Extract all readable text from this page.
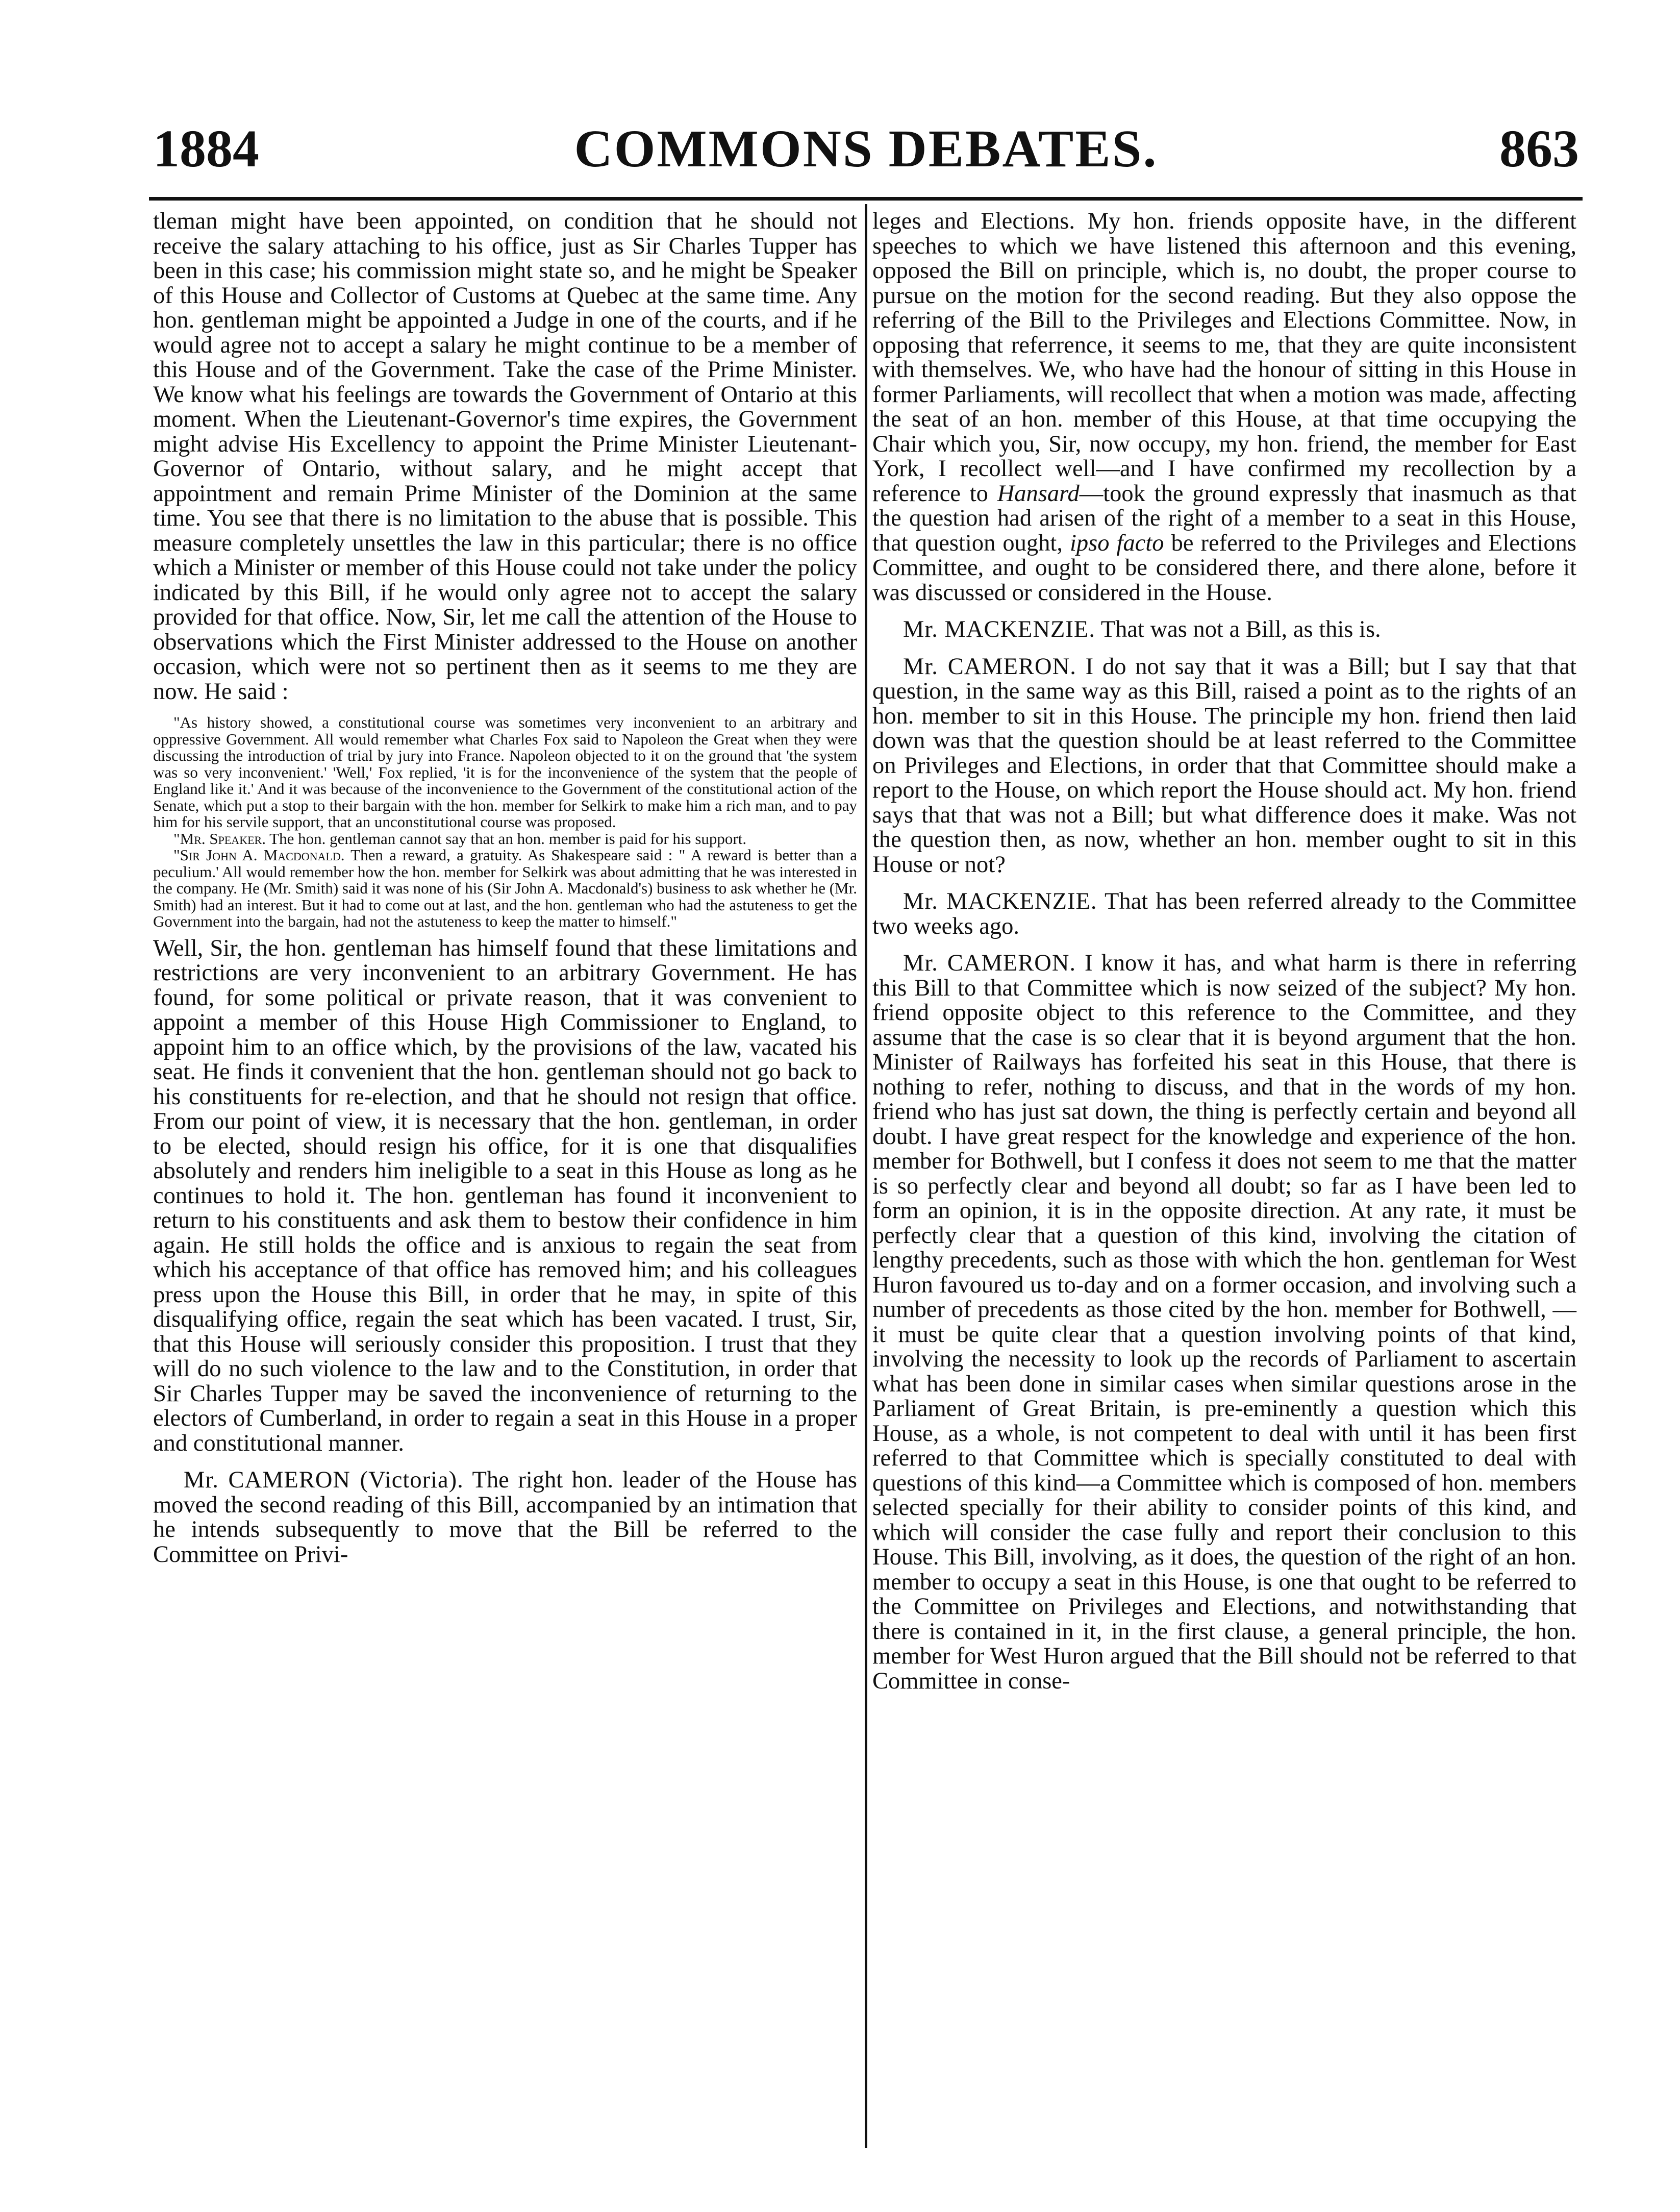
1884	COMMONS DEBATES.	863

tleman might have been appointed, on condition that he should not receive the salary attaching to his office, just as Sir Charles Tupper has been in this case; his commission might state so, and he might be Speaker of this House and Collector of Customs at Quebec at the same time. Any hon. gentleman might be appointed a Judge in one of the courts, and if he would agree not to accept a salary he might continue to be a member of this House and of the Government. Take the case of the Prime Minister. We know what his feelings are towards the Government of Ontario at this moment. When the Lieutenant-Governor's time expires, the Government might advise His Excellency to appoint the Prime Minister Lieutenant-Governor of Ontario, without salary, and he might accept that appointment and remain Prime Minister of the Dominion at the same time. You see that there is no limitation to the abuse that is possible. This measure completely unsettles the law in this particular; there is no office which a Minister or member of this House could not take under the policy indicated by this Bill, if he would only agree not to accept the salary provided for that office. Now, Sir, let me call the attention of the House to observations which the First Minister addressed to the House on another occasion, which were not so pertinent then as it seems to me they are now. He said :

"As history showed, a constitutional course was sometimes very inconvenient to an arbitrary and oppressive Government. All would remember what Charles Fox said to Napoleon the Great when they were discussing the introduction of trial by jury into France. Napoleon objected to it on the ground that 'the system was so very inconvenient.' 'Well,' Fox replied, 'it is for the inconvenience of the system that the people of England like it.' And it was because of the inconvenience to the Government of the constitutional action of the Senate, which put a stop to their bargain with the hon. member for Selkirk to make him a rich man, and to pay him for his servile support, that an unconstitutional course was proposed.

"Mr. Speaker. The hon. gentleman cannot say that an hon. member is paid for his support.

"Sir John A. Macdonald. Then a reward, a gratuity. As Shakespeare said : " A reward is better than a peculium.' All would remember how the hon. member for Selkirk was about admitting that he was interested in the company. He (Mr. Smith) said it was none of his (Sir John A. Macdonald's) business to ask whether he (Mr. Smith) had an interest. But it had to come out at last, and the hon. gentleman who had the astuteness to get the Government into the bargain, had not the astuteness to keep the matter to himself."

Well, Sir, the hon. gentleman has himself found that these limitations and restrictions are very inconvenient to an arbitrary Government. He has found, for some political or private reason, that it was convenient to appoint a member of this House High Commissioner to England, to appoint him to an office which, by the provisions of the law, vacated his seat. He finds it convenient that the hon. gentleman should not go back to his constituents for re-election, and that he should not resign that office. From our point of view, it is necessary that the hon. gentleman, in order to be elected, should resign his office, for it is one that disqualifies absolutely and renders him ineligible to a seat in this House as long as he continues to hold it. The hon. gentleman has found it inconvenient to return to his constituents and ask them to bestow their confidence in him again. He still holds the office and is anxious to regain the seat from which his acceptance of that office has removed him; and his colleagues press upon the House this Bill, in order that he may, in spite of this disqualifying office, regain the seat which has been vacated. I trust, Sir, that this House will seriously consider this proposition. I trust that they will do no such violence to the law and to the Constitution, in order that Sir Charles Tupper may be saved the inconvenience of returning to the electors of Cumberland, in order to regain a seat in this House in a proper and constitutional manner.

Mr. CAMERON (Victoria). The right hon. leader of the House has moved the second reading of this Bill, accompanied by an intimation that he intends subsequently to move that the Bill be referred to the Committee on Privi-

leges and Elections. My hon. friends opposite have, in the different speeches to which we have listened this afternoon and this evening, opposed the Bill on principle, which is, no doubt, the proper course to pursue on the motion for the second reading. But they also oppose the referring of the Bill to the Privileges and Elections Committee. Now, in opposing that referrence, it seems to me, that they are quite inconsistent with themselves. We, who have had the honour of sitting in this House in former Parliaments, will recollect that when a motion was made, affecting the seat of an hon. member of this House, at that time occupying the Chair which you, Sir, now occupy, my hon. friend, the member for East York, I recollect well—and I have confirmed my recollection by a reference to Hansard—took the ground expressly that inasmuch as that the question had arisen of the right of a member to a seat in this House, that question ought, ipso facto be referred to the Privileges and Elections Committee, and ought to be considered there, and there alone, before it was discussed or considered in the House.

Mr. MACKENZIE. That was not a Bill, as this is.

Mr. CAMERON. I do not say that it was a Bill; but I say that that question, in the same way as this Bill, raised a point as to the rights of an hon. member to sit in this House. The principle my hon. friend then laid down was that the question should be at least referred to the Committee on Privileges and Elections, in order that that Committee should make a report to the House, on which report the House should act. My hon. friend says that that was not a Bill; but what difference does it make. Was not the question then, as now, whether an hon. member ought to sit in this House or not?

Mr. MACKENZIE. That has been referred already to the Committee two weeks ago.

Mr. CAMERON. I know it has, and what harm is there in referring this Bill to that Committee which is now seized of the subject? My hon. friend opposite object to this reference to the Committee, and they assume that the case is so clear that it is beyond argument that the hon. Minister of Railways has forfeited his seat in this House, that there is nothing to refer, nothing to discuss, and that in the words of my hon. friend who has just sat down, the thing is perfectly certain and beyond all doubt. I have great respect for the knowledge and experience of the hon. member for Bothwell, but I confess it does not seem to me that the matter is so perfectly clear and beyond all doubt; so far as I have been led to form an opinion, it is in the opposite direction. At any rate, it must be perfectly clear that a question of this kind, involving the citation of lengthy precedents, such as those with which the hon. gentleman for West Huron favoured us to-day and on a former occasion, and involving such a number of precedents as those cited by the hon. member for Bothwell, —it must be quite clear that a question involving points of that kind, involving the necessity to look up the records of Parliament to ascertain what has been done in similar cases when similar questions arose in the Parliament of Great Britain, is pre-eminently a question which this House, as a whole, is not competent to deal with until it has been first referred to that Committee which is specially constituted to deal with questions of this kind—a Committee which is composed of hon. members selected specially for their ability to consider points of this kind, and which will consider the case fully and report their conclusion to this House. This Bill, involving, as it does, the question of the right of an hon. member to occupy a seat in this House, is one that ought to be referred to the Committee on Privileges and Elections, and notwithstanding that there is contained in it, in the first clause, a general principle, the hon. member for West Huron argued that the Bill should not be referred to that Committee in conse-
